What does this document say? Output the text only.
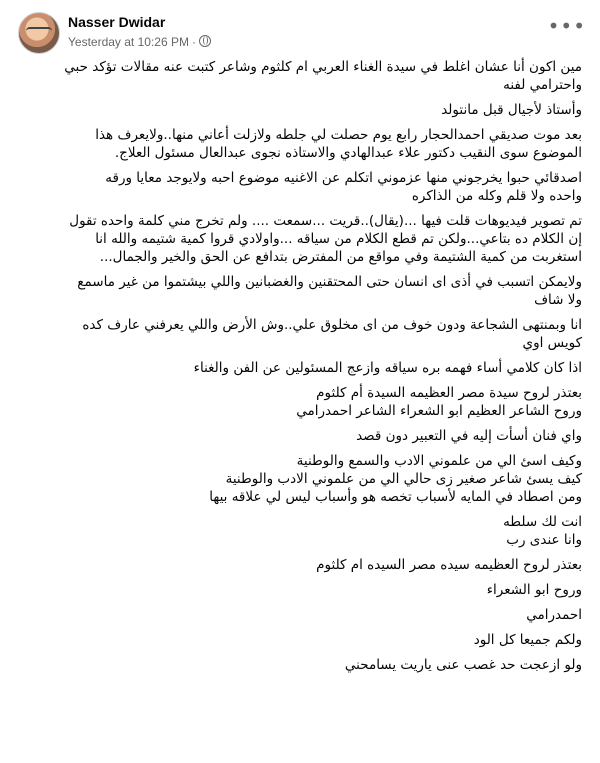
Nasser Dwidar
Yesterday at 10:26 PM ·
•••
مين اكون أنا عشان اغلط في سيدة الغناء العربي ام كلثوم وشاعر كتبت عنه مقالات تؤكد حبي
واحترامي لفنه
وأستاذ لأجيال قبل مانتولد
بعد موت صديقي احمدالحجار رابع يوم حصلت لي جلطه ولازلت أعاني منها..ولايعرف هذا
الموضوع سوى النقيب دكتور علاء عبدالهادي والاستاذه نجوى عبدالعال مسئول العلاج.
اصدقائي حبوا يخرجوني منها عزموني اتكلم عن الاغنيه موضوع احبه ولايوجد معايا ورقه
واحده ولا قلم وكله من الذاكره
تم تصوير فيديوهات قلت فيها ...(يقال)..قريت ...سمعت .... ولم تخرج مني كلمة واحده تقول
إن الكلام ده بتاعي...ولكن تم قطع الكلام من سياقه ...واولادي قروا كمية شتيمه والله انا
استغربت من كمية الشتيمة وفي مواقع من المفترض بتدافع عن الحق والخير والجمال...
ولايمكن اتسبب في أذى اى انسان حتى المحتقنين والغضبانين واللي بيشتموا من غير ماسمع
ولا شاف
انا وبمنتهى الشجاعة ودون خوف من اى مخلوق علي..وش الأرض واللي يعرفني عارف كده
كويس اوي
اذا كان كلامي أساء فهمه بره سياقه وازعج المسئولين عن الفن والغناء
بعتذر لروح سيدة مصر العظيمه السيدة أم كلثوم
وروح الشاعر العظيم ابو الشعراء الشاعر احمدرامي
واي فنان أسأت إليه في التعبير دون قصد
وكيف اسئ الي من علموني الادب والسمع والوطنية
كيف يسئ شاعر صغير زى حالي الي من علموني الادب والوطنية
ومن اصطاد في المايه لأسباب تخصه هو وأسباب ليس لي علاقه بيها
انت لك سلطه
وانا عندى رب
بعتذر لروح العظيمه سيده مصر السيده ام كلثوم
وروح ابو الشعراء
احمدرامي
ولكم جميعا كل الود
ولو ازعجت حد غصب عنى ياريت يسامحني
